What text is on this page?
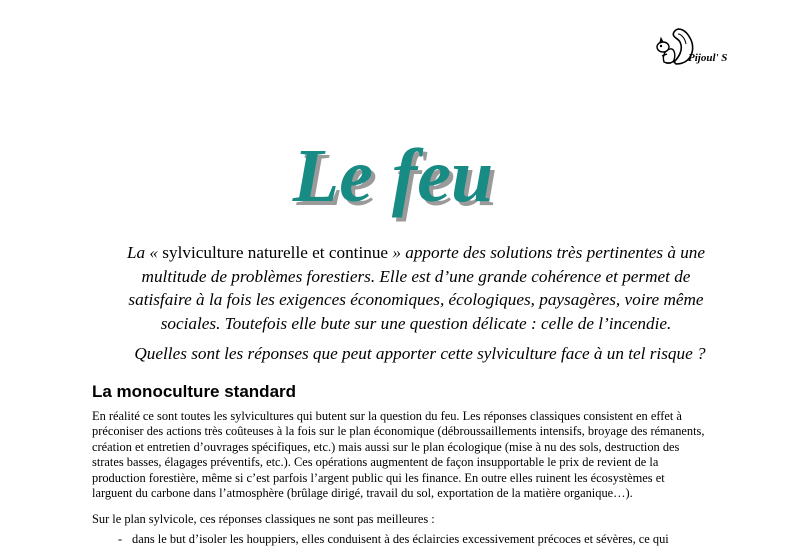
Pijoul' S
Le feu
La « sylviculture naturelle et continue » apporte des solutions très pertinentes à une
multitude de problèmes forestiers. Elle est d’une grande cohérence et permet de
satisfaire à la fois les exigences économiques, écologiques, paysagères, voire même
sociales. Toutefois elle bute sur une question délicate : celle de l’incendie.
Quelles sont les réponses que peut apporter cette sylviculture face à un tel risque ?
La monoculture standard
En réalité ce sont toutes les sylvicultures qui butent sur la question du feu. Les réponses classiques consistent en effet à
préconiser des actions très coûteuses à la fois sur le plan économique (débroussaillements intensifs, broyage des rémanents,
création et entretien d’ouvrages spécifiques, etc.) mais aussi sur le plan écologique (mise à nu des sols, destruction des
strates basses, élagages préventifs, etc.). Ces opérations augmentent de façon insupportable le prix de revient de la
production forestière, même si c’est parfois l’argent public qui les finance. En outre elles ruinent les écosystèmes et
larguent du carbone dans l’atmosphère (brûlage dirigé, travail du sol, exportation de la matière organique…).
Sur le plan sylvicole, ces réponses classiques ne sont pas meilleures :
- dans le but d’isoler les houppiers, elles conduisent à des éclaircies excessivement précoces et sévères, ce qui
